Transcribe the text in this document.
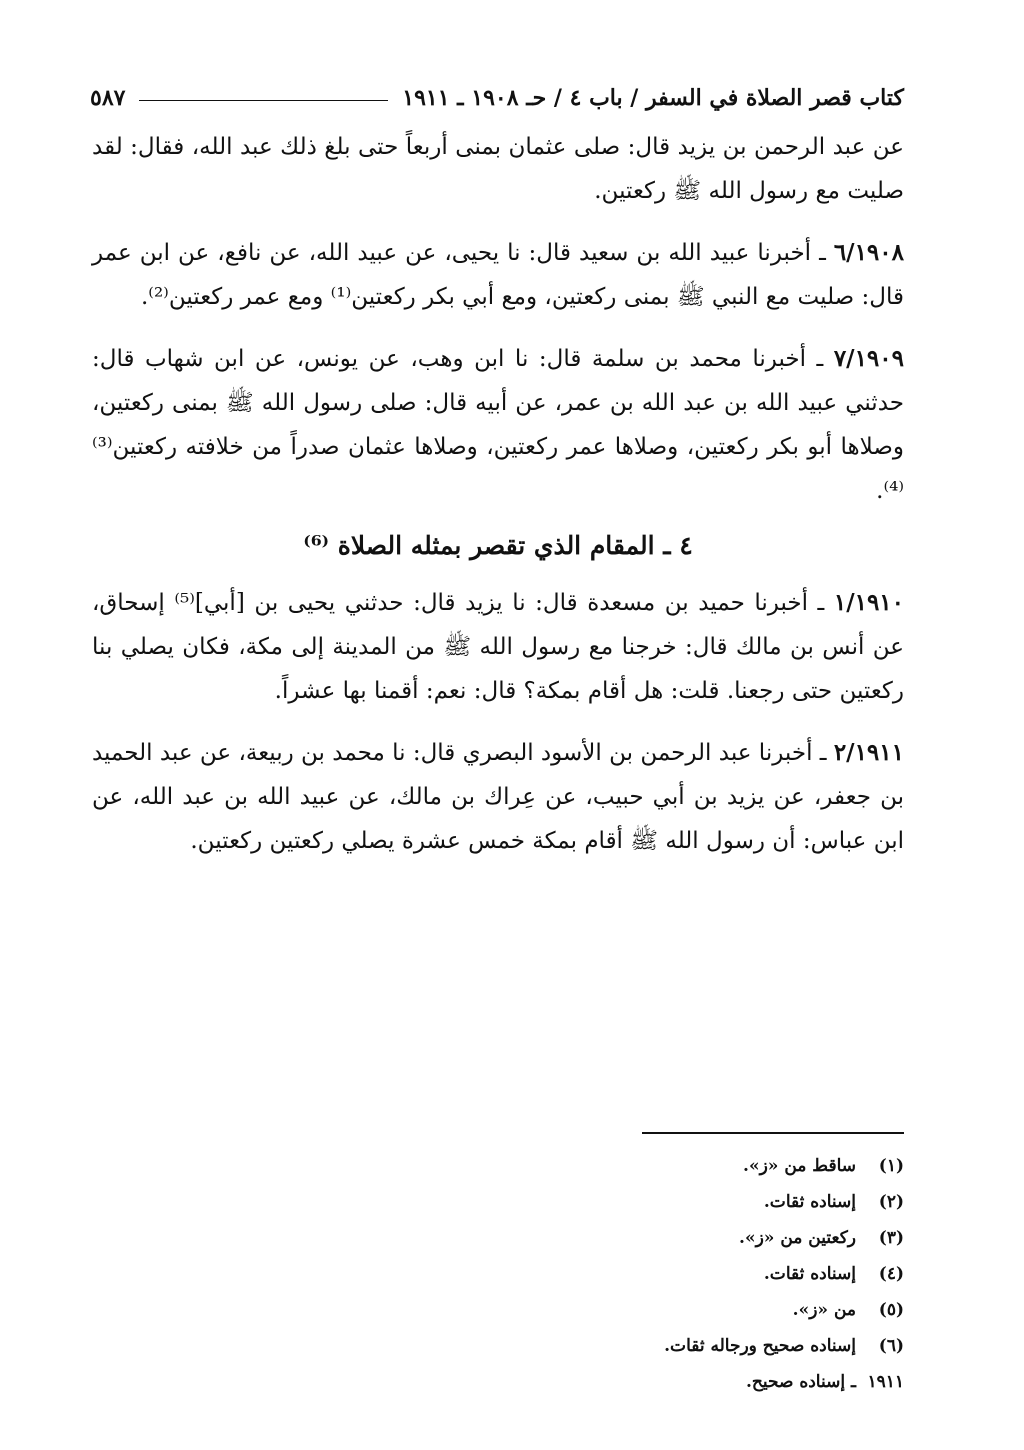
كتاب قصر الصلاة في السفر / باب ٤ / حـ ١٩٠٨ ـ ١٩١١
٥٨٧

عن عبد الرحمن بن يزيد قال: صلى عثمان بمنى أربعاً حتى بلغ ذلك عبد الله، فقال: لقد صليت مع رسول الله ﷺ ركعتين.

٦/١٩٠٨ ـ أخبرنا عبيد الله بن سعيد قال: نا يحيى، عن عبيد الله، عن نافع، عن ابن عمر قال: صليت مع النبي ﷺ بمنى ركعتين، ومع أبي بكر ركعتين⁽¹⁾ ومع عمر ركعتين⁽²⁾.

٧/١٩٠٩ ـ أخبرنا محمد بن سلمة قال: نا ابن وهب، عن يونس، عن ابن شهاب قال: حدثني عبيد الله بن عبد الله بن عمر، عن أبيه قال: صلى رسول الله ﷺ بمنى ركعتين، وصلاها أبو بكر ركعتين، وصلاها عمر ركعتين، وصلاها عثمان صدراً من خلافته ركعتين⁽³⁾ ⁽⁴⁾.

٤ ـ المقام الذي تقصر بمثله الصلاة ⁽⁶⁾

١/١٩١٠ ـ أخبرنا حميد بن مسعدة قال: نا يزيد قال: حدثني يحيى بن [أبي]⁽⁵⁾ إسحاق، عن أنس بن مالك قال: خرجنا مع رسول الله ﷺ من المدينة إلى مكة، فكان يصلي بنا ركعتين حتى رجعنا. قلت: هل أقام بمكة؟ قال: نعم: أقمنا بها عشراً.

٢/١٩١١ ـ أخبرنا عبد الرحمن بن الأسود البصري قال: نا محمد بن ربيعة، عن عبد الحميد بن جعفر، عن يزيد بن أبي حبيب، عن عِراك بن مالك، عن عبيد الله بن عبد الله، عن ابن عباس: أن رسول الله ﷺ أقام بمكة خمس عشرة يصلي ركعتين ركعتين.

(١)
ساقط من «ز».
(٢)
إسناده ثقات.
(٣)
ركعتين من «ز».
(٤)
إسناده ثقات.
(٥)
من «ز».
(٦)
إسناده صحيح ورجاله ثقات.
١٩١١
ـ إسناده صحيح.
